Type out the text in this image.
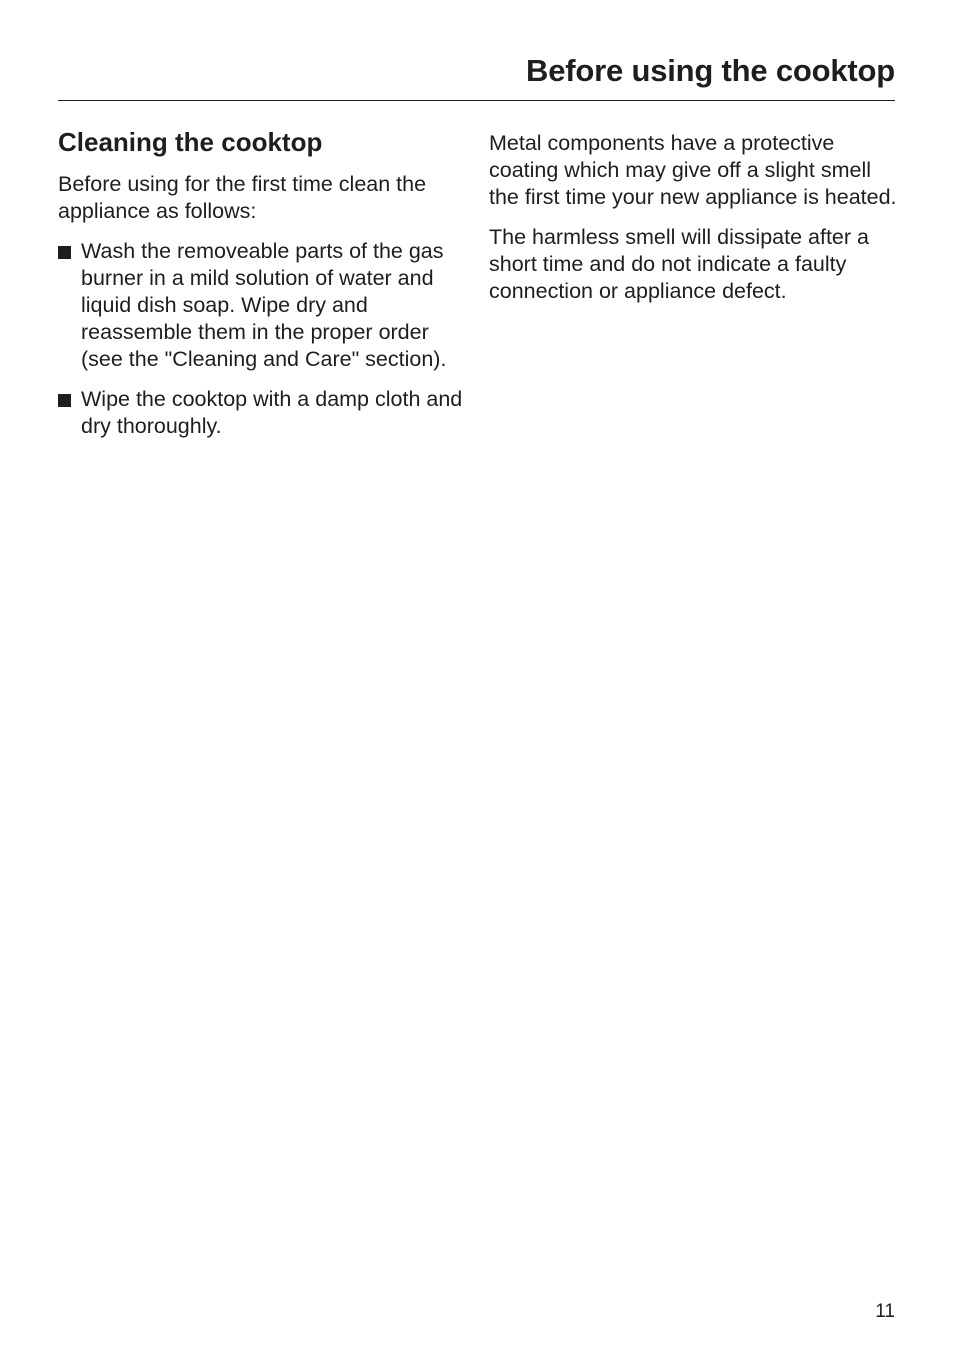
Before using the cooktop
Cleaning the cooktop

Before using for the first time clean the appliance as follows:

Wash the removeable parts of the gas burner in a mild solution of water and liquid dish soap. Wipe dry and reassemble them in the proper order (see the "Cleaning and Care" section).
Wipe the cooktop with a damp cloth and dry thoroughly.

Metal components have a protective coating which may give off a slight smell the first time your new appliance is heated.

The harmless smell will dissipate after a short time and do not indicate a faulty connection or appliance defect.

11
